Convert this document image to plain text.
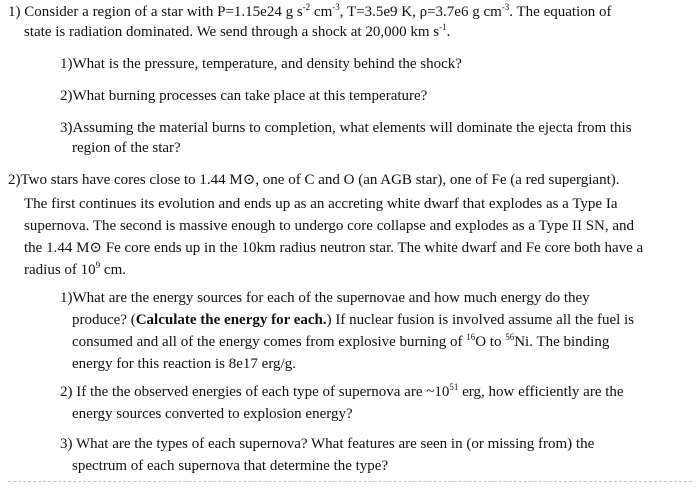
1) Consider a region of a star with P=1.15e24 g $s^{-2}$ $cm^{-3}$, T=3.5e9 K, ρ=3.7e6 g $cm^{-3}$. The equation of
state is radiation dominated. We send through a shock at 20,000 km $s^{-1}$.
1)What is the pressure, temperature, and density behind the shock?
2)What burning processes can take place at this temperature?
3)Assuming the material burns to completion, what elements will dominate the ejecta from this
region of the star?
2)Two stars have cores close to 1.44 M⊙, one of C and O (an AGB star), one of Fe (a red supergiant).
The first continues its evolution and ends up as an accreting white dwarf that explodes as a Type Ia
supernova. The second is massive enough to undergo core collapse and explodes as a Type II SN, and
the 1.44 M⊙ Fe core ends up in the 10km radius neutron star. The white dwarf and Fe core both have a
radius of $10^9$ cm.
1)What are the energy sources for each of the supernovae and how much energy do they
produce? (Calculate the energy for each.) If nuclear fusion is involved assume all the fuel is
consumed and all of the energy comes from explosive burning of $^{16}$O to $^{56}$Ni. The binding
energy for this reaction is 8e17 erg/g.
2) If the the observed energies of each type of supernova are $\sim 10^{51}$ erg, how efficiently are the
energy sources converted to explosion energy?
3) What are the types of each supernova? What features are seen in (or missing from) the
spectrum of each supernova that determine the type?
